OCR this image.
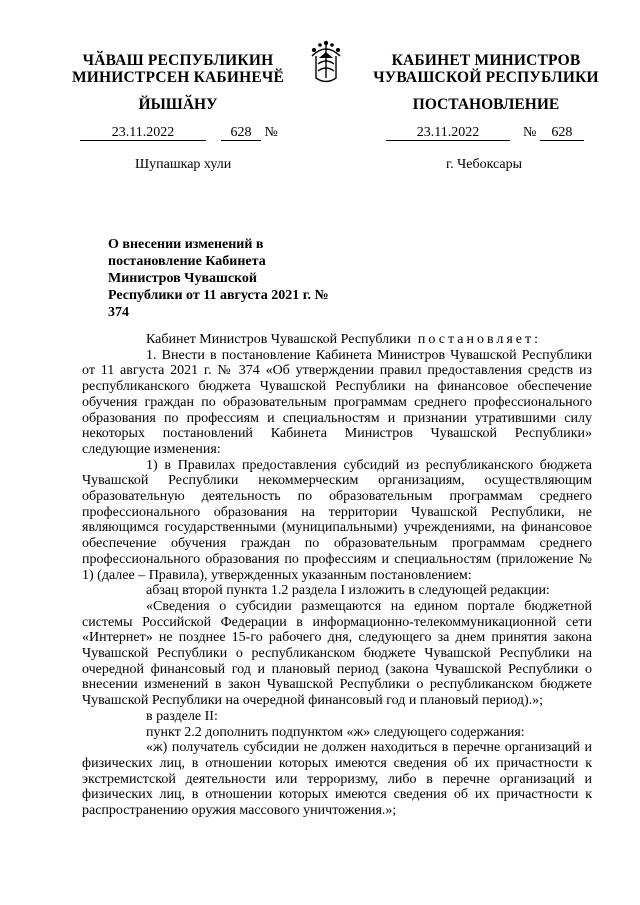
ЧӐВАШ РЕСПУБЛИКИН
МИНИСТРСЕН КАБИНЕЧӖ
ЙЫШӐНУ
КАБИНЕТ МИНИСТРОВ
ЧУВАШСКОЙ РЕСПУБЛИКИ
ПОСТАНОВЛЕНИЕ
23.11.2022	628 №	23.11.2022	№ 628
Шупашкар хули	г. Чебоксары
О внесении изменений в постановление Кабинета Министров Чувашской Республики от 11 августа 2021 г. № 374

Кабинет Министров Чувашской Республики постановляет:

1. Внести в постановление Кабинета Министров Чувашской Республики от 11 августа 2021 г. № 374 «Об утверждении правил предоставления средств из республиканского бюджета Чувашской Республики на финансовое обеспечение обучения граждан по образовательным программам среднего профессионального образования по профессиям и специальностям и признании утратившими силу некоторых постановлений Кабинета Министров Чувашской Республики» следующие изменения:

1) в Правилах предоставления субсидий из республиканского бюджета Чувашской Республики некоммерческим организациям, осуществляющим образовательную деятельность по образовательным программам среднего профессионального образования на территории Чувашской Республики, не являющимся государственными (муниципальными) учреждениями, на финансовое обеспечение обучения граждан по образовательным программам среднего профессионального образования по профессиям и специальностям (приложение № 1) (далее – Правила), утвержденных указанным постановлением:

абзац второй пункта 1.2 раздела I изложить в следующей редакции:

«Сведения о субсидии размещаются на едином портале бюджетной системы Российской Федерации в информационно-телекоммуникационной сети «Интернет» не позднее 15-го рабочего дня, следующего за днем принятия закона Чувашской Республики о республиканском бюджете Чувашской Республики на очередной финансовый год и плановый период (закона Чувашской Республики о внесении изменений в закон Чувашской Республики о республиканском бюджете Чувашской Республики на очередной финансовый год и плановый период).»;

в разделе II:

пункт 2.2 дополнить подпунктом «ж» следующего содержания:

«ж) получатель субсидии не должен находиться в перечне организаций и физических лиц, в отношении которых имеются сведения об их причастности к экстремистской деятельности или терроризму, либо в перечне организаций и физических лиц, в отношении которых имеются сведения об их причастности к распространению оружия массового уничтожения.»;
